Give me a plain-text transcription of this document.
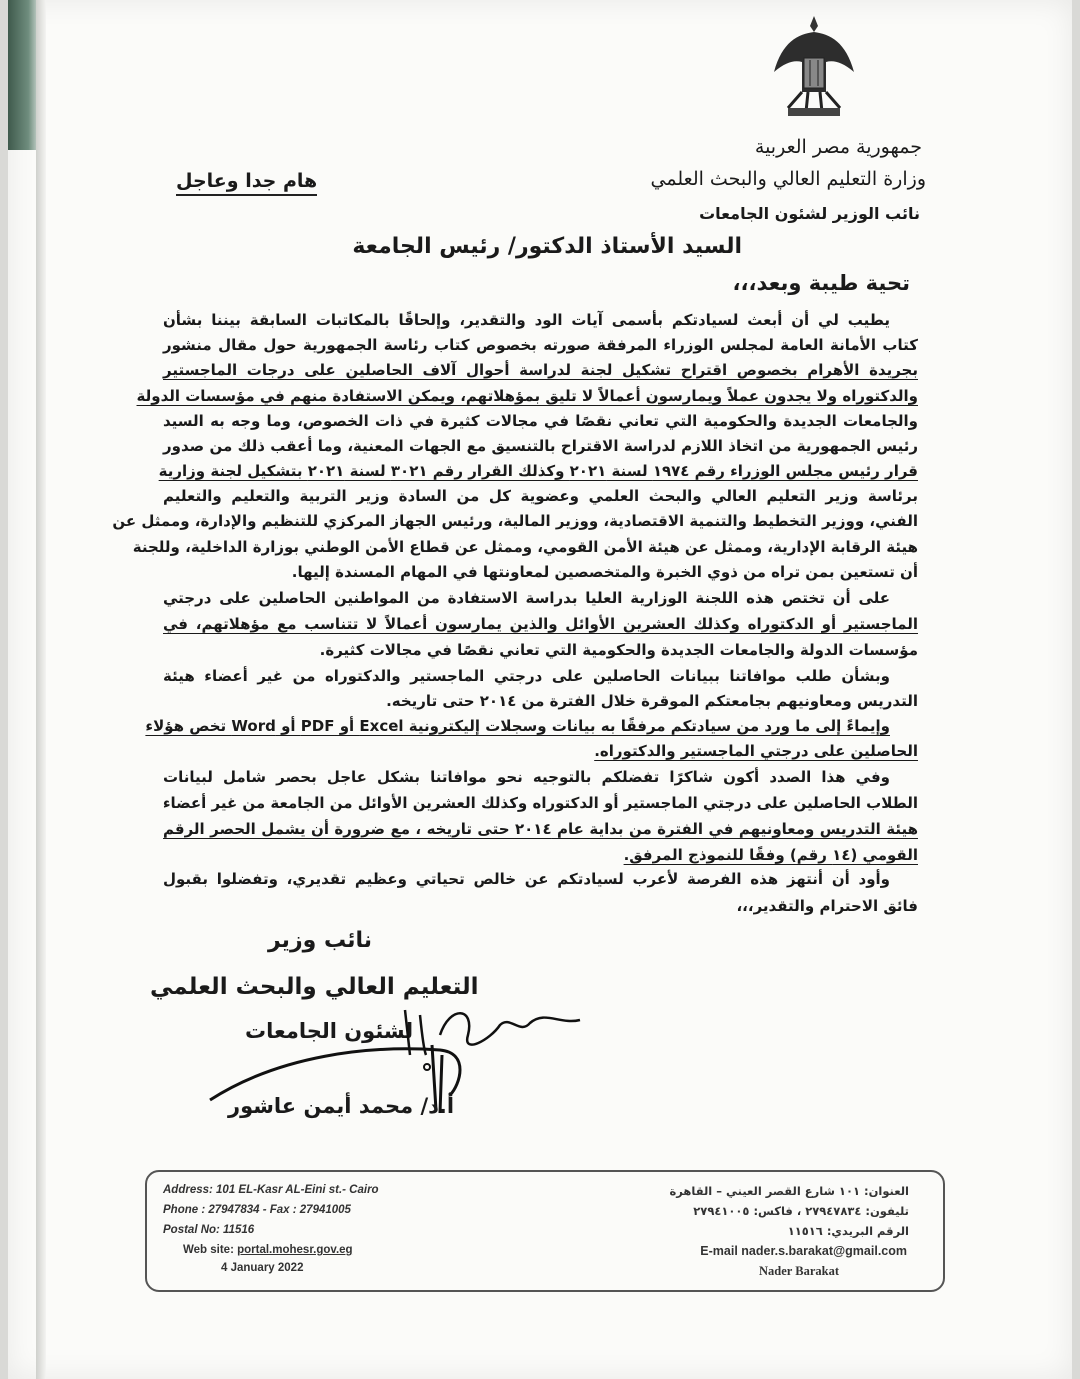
جمهورية مصر العربية
وزارة التعليم العالي والبحث العلمي
هام جدا وعاجل
نائب الوزير لشئون الجامعات
السيد الأستاذ الدكتور/ رئيس الجامعة
تحية طيبة وبعد،،،
يطيب لي أن أبعث لسيادتكم بأسمى آيات الود والتقدير، وإلحاقًا بالمكاتبات السابقة بيننا بشأن
كتاب الأمانة العامة لمجلس الوزراء المرفقة صورته بخصوص كتاب رئاسة الجمهورية حول مقال منشور
بجريدة الأهرام بخصوص اقتراح تشكيل لجنة لدراسة أحوال آلاف الحاصلين على درجات الماجستير
والدكتوراه ولا يجدون عملاً ويمارسون أعمالاً لا تليق بمؤهلاتهم، ويمكن الاستفادة منهم في مؤسسات الدولة
والجامعات الجديدة والحكومية التي تعاني نقصًا في مجالات كثيرة في ذات الخصوص، وما وجه به السيد
رئيس الجمهورية من اتخاذ اللازم لدراسة الاقتراح بالتنسيق مع الجهات المعنية، وما أعقب ذلك من صدور
قرار رئيس مجلس الوزراء رقم ١٩٧٤ لسنة ٢٠٢١ وكذلك القرار رقم ٣٠٢١ لسنة ٢٠٢١ بتشكيل لجنة وزارية
برئاسة وزير التعليم العالي والبحث العلمي وعضوية كل من السادة وزير التربية والتعليم والتعليم
الفني، ووزير التخطيط والتنمية الاقتصادية، ووزير المالية، ورئيس الجهاز المركزي للتنظيم والإدارة، وممثل عن
هيئة الرقابة الإدارية، وممثل عن هيئة الأمن القومي، وممثل عن قطاع الأمن الوطني بوزارة الداخلية، وللجنة
أن تستعين بمن تراه من ذوي الخبرة والمتخصصين لمعاونتها في المهام المسندة إليها.
على أن تختص هذه اللجنة الوزارية العليا بدراسة الاستفادة من المواطنين الحاصلين على درجتي
الماجستير أو الدكتوراه وكذلك العشرين الأوائل والذين يمارسون أعمالاً لا تتناسب مع مؤهلاتهم، في
مؤسسات الدولة والجامعات الجديدة والحكومية التي تعاني نقصًا في مجالات كثيرة.
وبشأن طلب موافاتنا ببيانات الحاصلين على درجتي الماجستير والدكتوراه من غير أعضاء هيئة
التدريس ومعاونيهم بجامعتكم الموقرة خلال الفترة من ٢٠١٤ حتى تاريخه.
وإيماءً إلى ما ورد من سيادتكم مرفقًا به بيانات وسجلات إليكترونية Excel أو PDF أو Word تخص هؤلاء
الحاصلين على درجتي الماجستير والدكتوراه.
وفي هذا الصدد أكون شاكرًا تفضلكم بالتوجيه نحو موافاتنا بشكل عاجل بحصر شامل لبيانات
الطلاب الحاصلين على درجتي الماجستير أو الدكتوراه وكذلك العشرين الأوائل من الجامعة من غير أعضاء
هيئة التدريس ومعاونيهم في الفترة من بداية عام ٢٠١٤ حتى تاريخه ، مع ضرورة أن يشمل الحصر الرقم
القومي (١٤ رقم) وفقًا للنموذج المرفق.
وأود أن أنتهز هذه الفرصة لأعرب لسيادتكم عن خالص تحياتي وعظيم تقديري، وتفضلوا بقبول
فائق الاحترام والتقدير،،،
نائب وزير
التعليم العالي والبحث العلمي
لشئون الجامعات
أ.د/ محمد أيمن عاشور
Address: 101 EL-Kasr AL-Eini st.- Cairo
Phone : 27947834 - Fax : 27941005
Postal No: 11516
Web site: portal.mohesr.gov.eg
4 January 2022
العنوان: ١٠١ شارع القصر العيني – القاهرة
تليفون: ٢٧٩٤٧٨٣٤ ، فاكس: ٢٧٩٤١٠٠٥
الرقم البريدي: ١١٥١٦
E-mail nader.s.barakat@gmail.com
Nader Barakat
